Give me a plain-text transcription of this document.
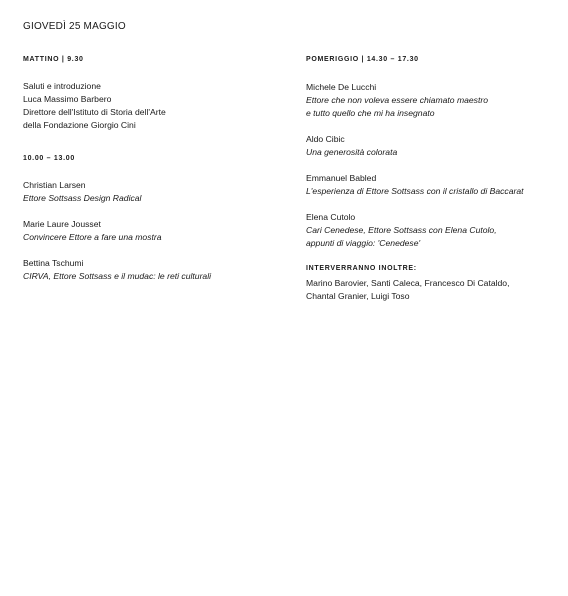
GIOVEDÌ 25 MAGGIO
MATTINO | 9.30
Saluti e introduzione
Luca Massimo Barbero
Direttore dell'Istituto di Storia dell'Arte
della Fondazione Giorgio Cini
10.00 – 13.00
Christian Larsen
Ettore Sottsass Design Radical
Marie Laure Jousset
Convincere Ettore a fare una mostra
Bettina Tschumi
CIRVA, Ettore Sottsass e il mudac: le reti culturali
POMERIGGIO | 14.30 – 17.30
Michele De Lucchi
Ettore che non voleva essere chiamato maestro
e tutto quello che mi ha insegnato
Aldo Cibic
Una generosità colorata
Emmanuel Babled
L'esperienza di Ettore Sottsass con il cristallo di Baccarat
Elena Cutolo
Cari Cenedese, Ettore Sottsass con Elena Cutolo,
appunti di viaggio: 'Cenedese'
INTERVERRANNO INOLTRE:
Marino Barovier, Santi Caleca, Francesco Di Cataldo,
Chantal Granier, Luigi Toso
